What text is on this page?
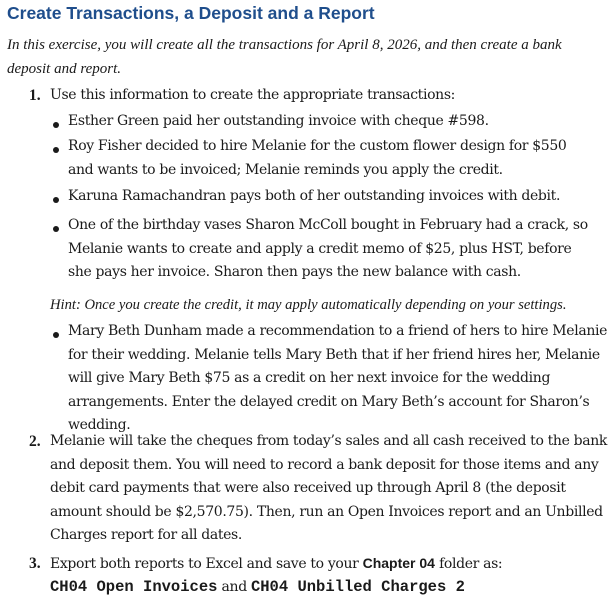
Create Transactions, a Deposit and a Report

In this exercise, you will create all the transactions for April 8, 2026, and then create a bank deposit and report.

1. Use this information to create the appropriate transactions:

Esther Green paid her outstanding invoice with cheque #598.

Roy Fisher decided to hire Melanie for the custom flower design for $550 and wants to be invoiced; Melanie reminds you apply the credit.

Karuna Ramachandran pays both of her outstanding invoices with debit.

One of the birthday vases Sharon McColl bought in February had a crack, so Melanie wants to create and apply a credit memo of $25, plus HST, before she pays her invoice. Sharon then pays the new balance with cash.

Hint: Once you create the credit, it may apply automatically depending on your settings.

Mary Beth Dunham made a recommendation to a friend of hers to hire Melanie for their wedding. Melanie tells Mary Beth that if her friend hires her, Melanie will give Mary Beth $75 as a credit on her next invoice for the wedding arrangements. Enter the delayed credit on Mary Beth’s account for Sharon’s wedding.

2. Melanie will take the cheques from today’s sales and all cash received to the bank and deposit them. You will need to record a bank deposit for those items and any debit card payments that were also received up through April 8 (the deposit amount should be $2,570.75). Then, run an Open Invoices report and an Unbilled Charges report for all dates.

3. Export both reports to Excel and save to your Chapter 04 folder as:

CH04 Open Invoices and CH04 Unbilled Charges 2
